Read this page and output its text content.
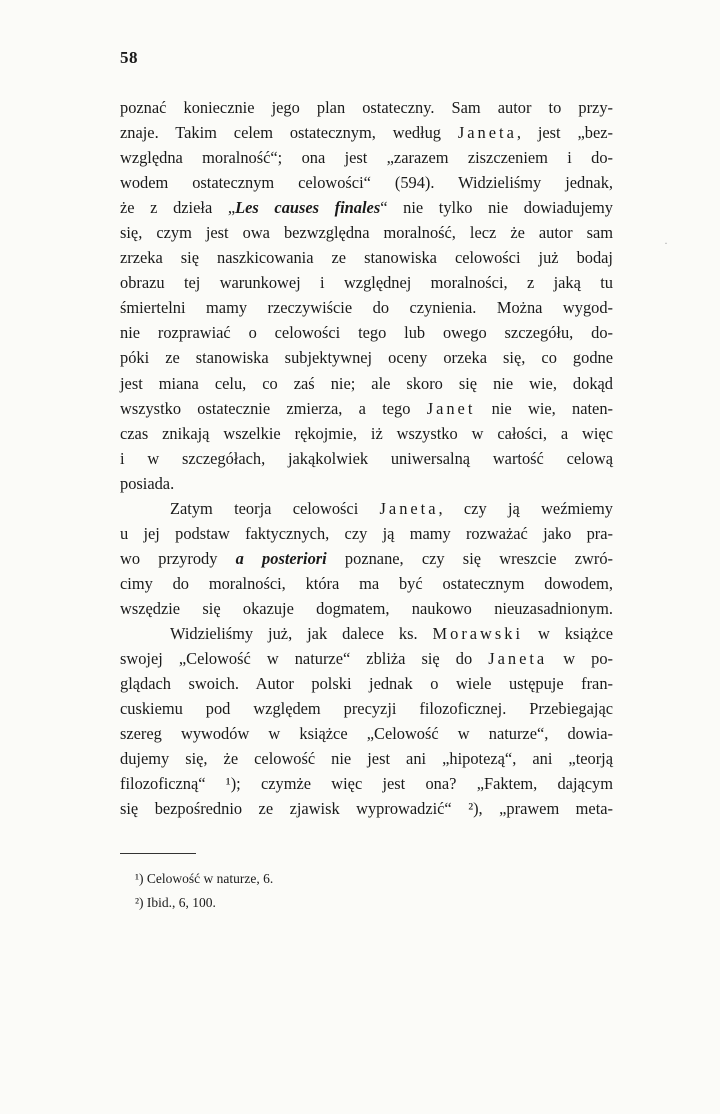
58
poznać koniecznie jego plan ostateczny. Sam autor to przy-
znaje. Takim celem ostatecznym, według Janeta, jest „bez-
względna moralność“; ona jest „zarazem ziszczeniem i do-
wodem ostatecznym celowości“ (594). Widzieliśmy jednak,
że z dzieła „Les causes finales“ nie tylko nie dowiadujemy
się, czym jest owa bezwzględna moralność, lecz że autor sam
zrzeka się naszkicowania ze stanowiska celowości już bodaj
obrazu tej warunkowej i względnej moralności, z jaką tu
śmiertelni mamy rzeczywiście do czynienia. Można wygod-
nie rozprawiać o celowości tego lub owego szczegółu, do-
póki ze stanowiska subjektywnej oceny orzeka się, co godne
jest miana celu, co zaś nie; ale skoro się nie wie, dokąd
wszystko ostatecznie zmierza, a tego Janet nie wie, naten-
czas znikają wszelkie rękojmie, iż wszystko w całości, a więc
i w szczegółach, jakąkolwiek uniwersalną wartość celową
posiada.
Zatym teorja celowości Janeta, czy ją weźmiemy
u jej podstaw faktycznych, czy ją mamy rozważać jako pra-
wo przyrody a posteriori poznane, czy się wreszcie zwró-
cimy do moralności, która ma być ostatecznym dowodem,
wszędzie się okazuje dogmatem, naukowo nieuzasadnionym.
Widzieliśmy już, jak dalece ks. Morawski w książce
swojej „Celowość w naturze“ zbliża się do Janeta w po-
glądach swoich. Autor polski jednak o wiele ustępuje fran-
cuskiemu pod względem precyzji filozoficznej. Przebiegając
szereg wywodów w książce „Celowość w naturze“, dowia-
dujemy się, że celowość nie jest ani „hipotezą“, ani „teorją
filozoficzną“ ¹); czymże więc jest ona? „Faktem, dającym
się bezpośrednio ze zjawisk wyprowadzić“ ²), „prawem meta-
¹) Celowość w naturze, 6.
²) Ibid., 6, 100.
·
